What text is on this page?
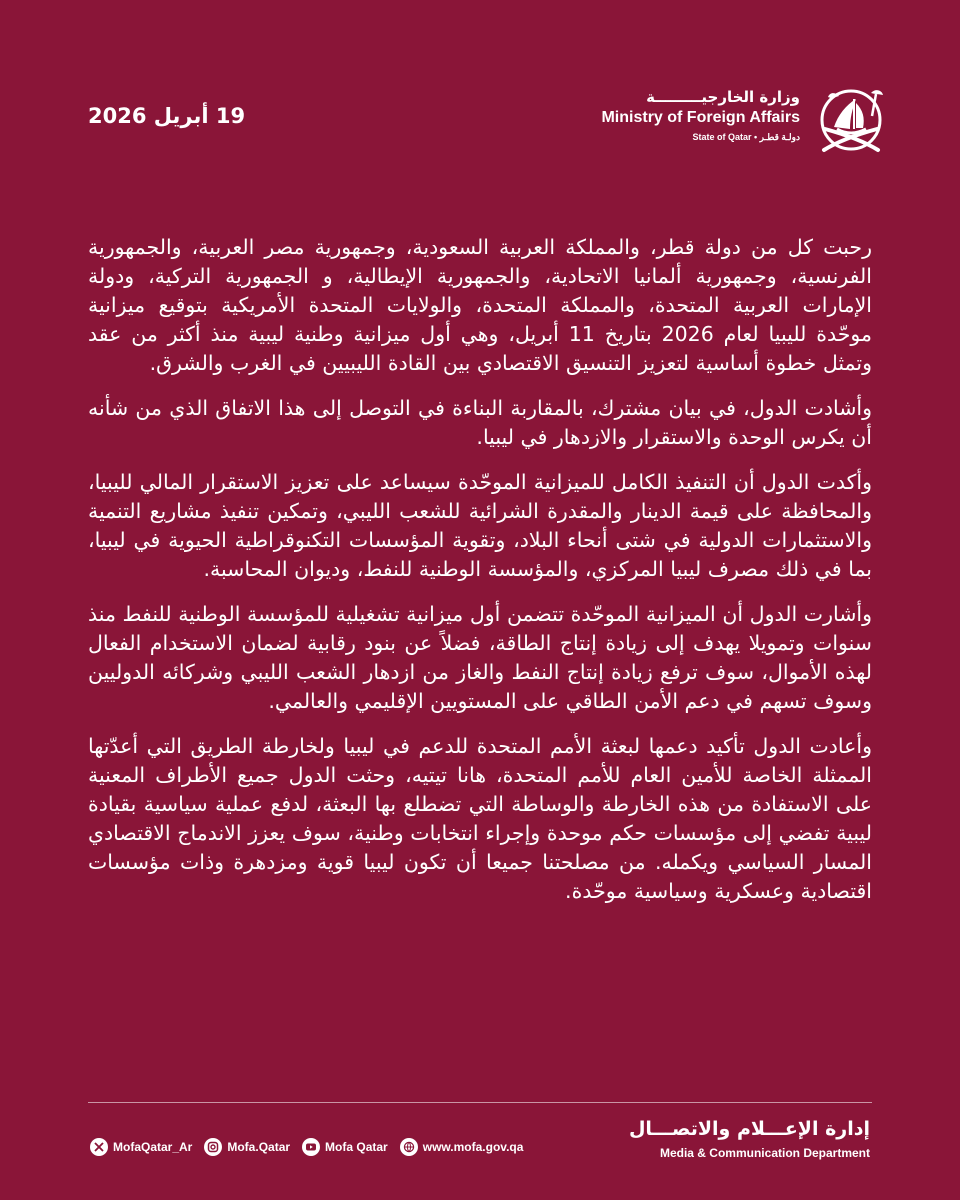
19 أبريل 2026
وزارة الخارجيـــــــــة
Ministry of Foreign Affairs
State of Qatar • دولـة قطـر

رحبت كل من دولة قطر، والمملكة العربية السعودية، وجمهورية مصر العربية، والجمهورية الفرنسية، وجمهورية ألمانيا الاتحادية، والجمهورية الإيطالية، و الجمهورية التركية، ودولة الإمارات العربية المتحدة، والمملكة المتحدة، والولايات المتحدة الأمريكية بتوقيع ميزانية موحّدة لليبيا لعام 2026 بتاريخ 11 أبريل، وهي أول ميزانية وطنية ليبية منذ أكثر من عقد وتمثل خطوة أساسية لتعزيز التنسيق الاقتصادي بين القادة الليبيين في الغرب والشرق.

وأشادت الدول، في بيان مشترك، بالمقاربة البناءة في التوصل إلى هذا الاتفاق الذي من شأنه أن يكرس الوحدة والاستقرار والازدهار في ليبيا.

وأكدت الدول أن التنفيذ الكامل للميزانية الموحّدة سيساعد على تعزيز الاستقرار المالي لليبيا، والمحافظة على قيمة الدينار والمقدرة الشرائية للشعب الليبي، وتمكين تنفيذ مشاريع التنمية والاستثمارات الدولية في شتى أنحاء البلاد، وتقوية المؤسسات التكنوقراطية الحيوية في ليبيا، بما في ذلك مصرف ليبيا المركزي، والمؤسسة الوطنية للنفط، وديوان المحاسبة.

وأشارت الدول أن الميزانية الموحّدة تتضمن أول ميزانية تشغيلية للمؤسسة الوطنية للنفط منذ سنوات وتمويلا يهدف إلى زيادة إنتاج الطاقة، فضلاً عن بنود رقابية لضمان الاستخدام الفعال لهذه الأموال، سوف ترفع زيادة إنتاج النفط والغاز من ازدهار الشعب الليبي وشركائه الدوليين وسوف تسهم في دعم الأمن الطاقي على المستويين الإقليمي والعالمي.

وأعادت الدول تأكيد دعمها لبعثة الأمم المتحدة للدعم في ليبيا ولخارطة الطريق التي أعدّتها الممثلة الخاصة للأمين العام للأمم المتحدة، هانا تيتيه، وحثت الدول جميع الأطراف المعنية على الاستفادة من هذه الخارطة والوساطة التي تضطلع بها البعثة، لدفع عملية سياسية بقيادة ليبية تفضي إلى مؤسسات حكم موحدة وإجراء انتخابات وطنية، سوف يعزز الاندماج الاقتصادي المسار السياسي ويكمله. من مصلحتنا جميعا أن تكون ليبيا قوية ومزدهرة وذات مؤسسات اقتصادية وعسكرية وسياسية موحّدة.

MofaQatar_Ar	Mofa.Qatar	Mofa Qatar	www.mofa.gov.qa
إدارة الإعـــلام والاتصـــال
Media & Communication Department
